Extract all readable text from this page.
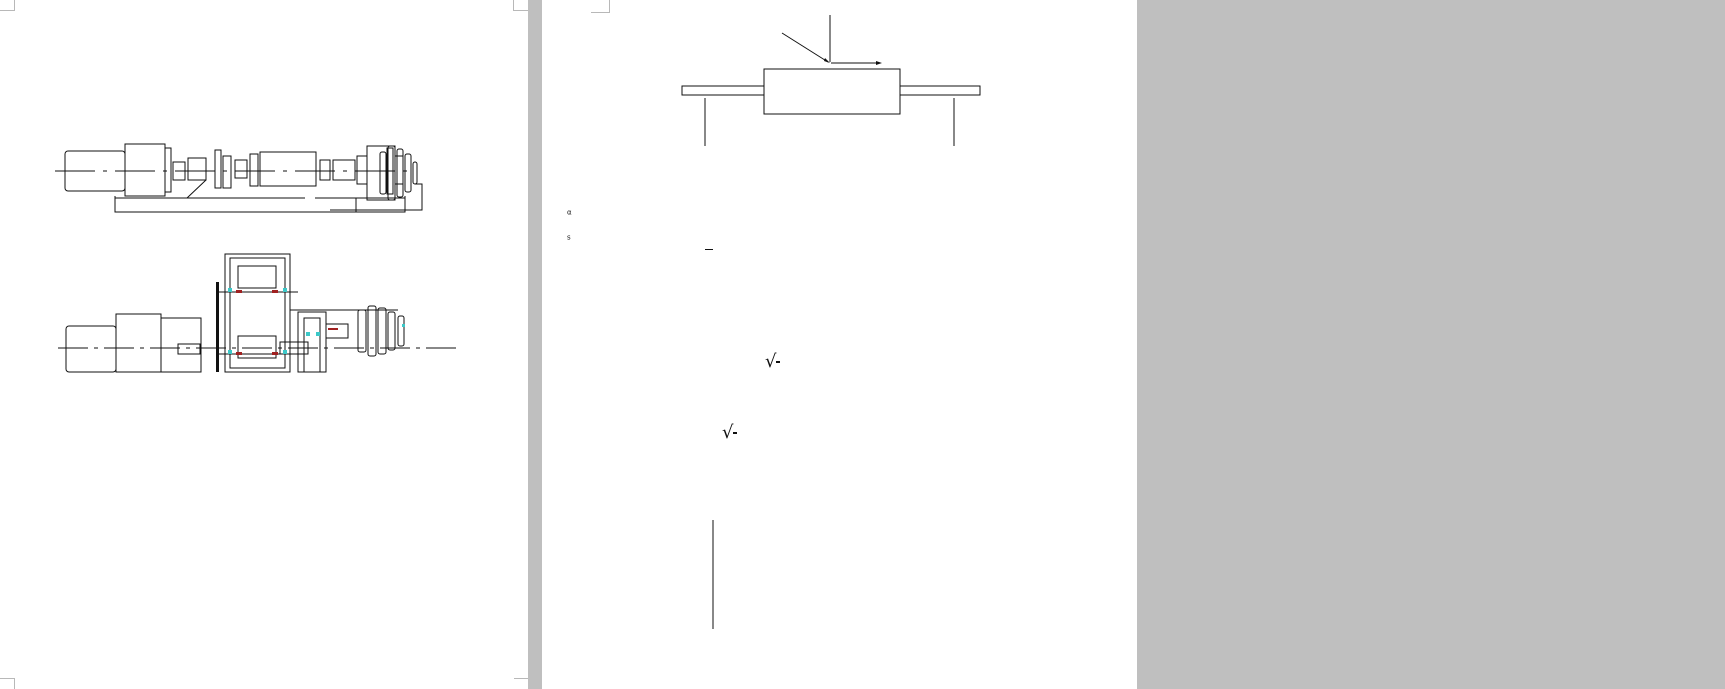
$_\alpha$
$_s$
√
√
